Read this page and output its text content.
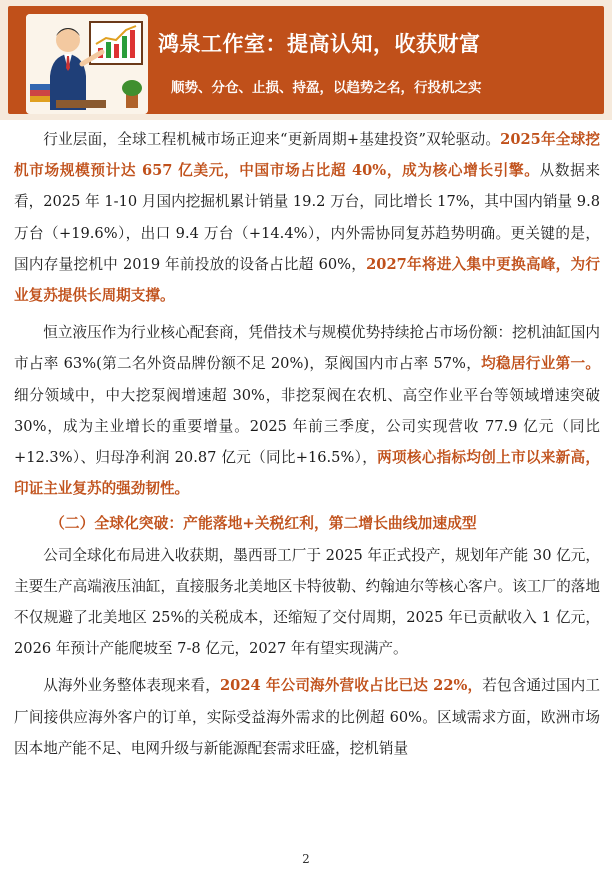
鸿泉工作室：提高认知，收获财富
顺势、分仓、止损、持盈，以趋势之名，行投机之实

行业层面，全球工程机械市场正迎来“更新周期+基建投资”双轮驱动。2025年全球挖机市场规模预计达 657 亿美元，中国市场占比超 40%，成为核心增长引擎。从数据来看，2025 年 1-10 月国内挖掘机累计销量 19.2 万台，同比增长 17%，其中国内销量 9.8 万台（+19.6%），出口 9.4 万台（+14.4%），内外需协同复苏趋势明确。更关键的是，国内存量挖机中 2019 年前投放的设备占比超 60%，2027年将进入集中更换高峰，为行业复苏提供长周期支撑。

恒立液压作为行业核心配套商，凭借技术与规模优势持续抢占市场份额：挖机油缸国内市占率 63%(第二名外资品牌份额不足 20%)，泵阀国内市占率 57%，均稳居行业第一。细分领域中，中大挖泵阀增速超 30%，非挖泵阀在农机、高空作业平台等领域增速突破 30%，成为主业增长的重要增量。2025 年前三季度，公司实现营收 77.9 亿元（同比+12.3%）、归母净利润 20.87 亿元（同比+16.5%），两项核心指标均创上市以来新高，印证主业复苏的强劲韧性。

（二）全球化突破：产能落地+关税红利，第二增长曲线加速成型

公司全球化布局进入收获期，墨西哥工厂于 2025 年正式投产，规划年产能 30 亿元，主要生产高端液压油缸，直接服务北美地区卡特彼勒、约翰迪尔等核心客户。该工厂的落地不仅规避了北美地区 25%的关税成本，还缩短了交付周期，2025 年已贡献收入 1 亿元，2026 年预计产能爬坡至 7-8 亿元，2027 年有望实现满产。

从海外业务整体表现来看，2024 年公司海外营收占比已达 22%，若包含通过国内工厂间接供应海外客户的订单，实际受益海外需求的比例超 60%。区域需求方面，欧洲市场因本地产能不足、电网升级与新能源配套需求旺盛，挖机销量

2
